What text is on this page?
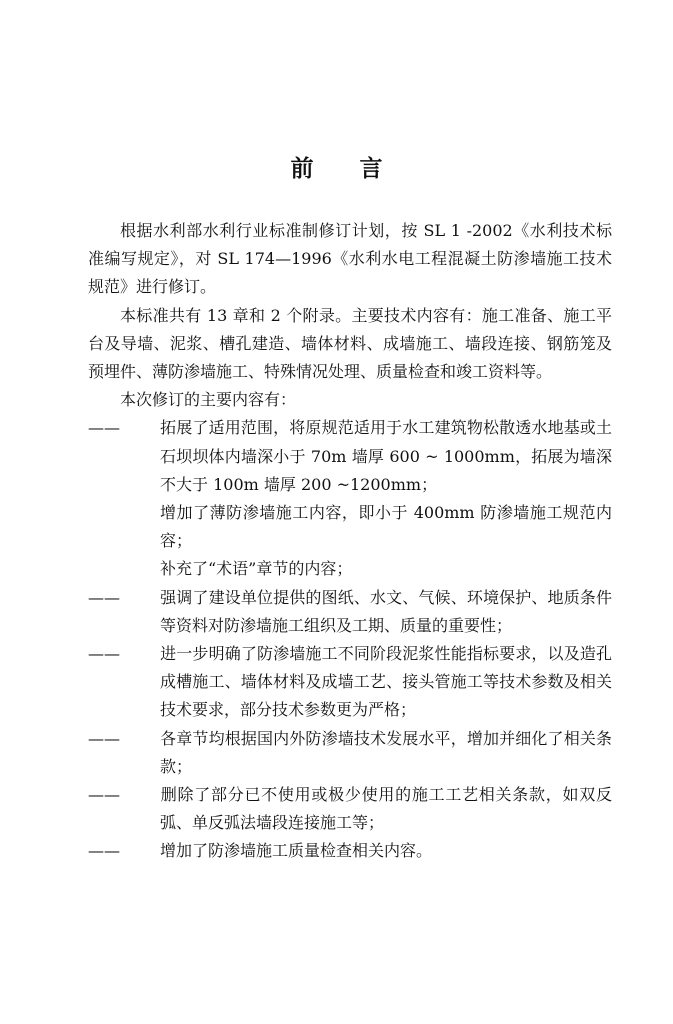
前言

根据水利部水利行业标准制修订计划，按 SL 1 -2002《水利技术标准编写规定》，对 SL 174—1996《水利水电工程混凝土防渗墙施工技术规范》进行修订。

本标准共有 13 章和 2 个附录。主要技术内容有：施工准备、施工平台及导墙、泥浆、槽孔建造、墙体材料、成墙施工、墙段连接、钢筋笼及预埋件、薄防渗墙施工、特殊情况处理、质量检查和竣工资料等。

本次修订的主要内容有：

——	拓展了适用范围，将原规范适用于水工建筑物松散透水地基或土石坝坝体内墙深小于 70m 墙厚 600 ~ 1000mm，拓展为墙深不大于 100m 墙厚 200 ~1200mm；

增加了薄防渗墙施工内容，即小于 400mm 防渗墙施工规范内容；

补充了“术语”章节的内容；

——	强调了建设单位提供的图纸、水文、气候、环境保护、地质条件等资料对防渗墙施工组织及工期、质量的重要性；

——	进一步明确了防渗墙施工不同阶段泥浆性能指标要求，以及造孔成槽施工、墙体材料及成墙工艺、接头管施工等技术参数及相关技术要求，部分技术参数更为严格；

——	各章节均根据国内外防渗墙技术发展水平，增加并细化了相关条款；

——	删除了部分已不使用或极少使用的施工工艺相关条款，如双反弧、单反弧法墙段连接施工等；

——	增加了防渗墙施工质量检查相关内容。
